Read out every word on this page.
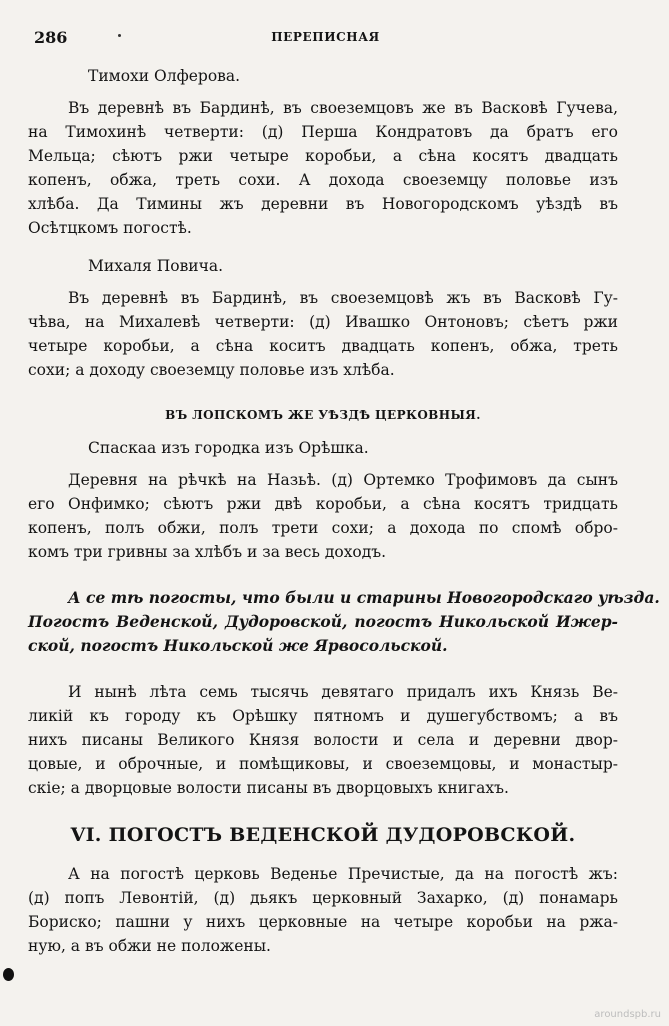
286	ПЕРЕПИСНАЯ
Тимохи Олферова.
Въ деревнѣ въ Бардинѣ, въ своеземцовъ же въ Васковѣ Гучева,
на Тимохинѣ четверти: (д) Перша Кондратовъ да братъ его
Мельца; сѣютъ ржи четыре коробьи, а сѣна косятъ двадцать
копенъ, обжа, треть сохи. А дохода своеземцу половье изъ
хлѣба. Да Тимины жъ деревни въ Новогородскомъ уѣздѣ въ
Осѣтцкомъ погостѣ.
Михаля Повича.
Въ деревнѣ въ Бардинѣ, въ своеземцовѣ жъ въ Васковѣ Гу-
чѣва, на Михалевѣ четверти: (д) Ивашко Онтоновъ; сѣетъ ржи
четыре коробьи, а сѣна коситъ двадцать копенъ, обжа, треть
сохи; а доходу своеземцу половье изъ хлѣба.
ВЪ ЛОПСКОМЪ ЖЕ УѢЗДѢ ЦЕРКОВНЫЯ.
Спаскаа изъ городка изъ Орѣшка.
Деревня на рѣчкѣ на Назьѣ. (д) Ортемко Трофимовъ да сынъ
его Онфимко; сѣютъ ржи двѣ коробьи, а сѣна косятъ тридцать
копенъ, полъ обжи, полъ трети сохи; а дохода по спомѣ обро-
комъ три гривны за хлѣбъ и за весь доходъ.
А се тѣ погосты, что были и старины Новогородскаго уѣзда.
Погостъ Веденской, Дудоровской, погостъ Никольской Ижер-
ской, погостъ Никольской же Ярвосольской.
И нынѣ лѣта семь тысячь девятаго придалъ ихъ Князь Ве-
ликій къ городу къ Орѣшку пятномъ и душегубствомъ; а въ
нихъ писаны Великого Князя волости и села и деревни двор-
цовые, и оброчные, и помѣщиковы, и своеземцовы, и монастыр-
скіе; а дворцовые волости писаны въ дворцовыхъ книгахъ.
VI. ПОГОСТЪ ВЕДЕНСКОЙ ДУДОРОВСКОЙ.
А на погостѣ церковь Веденье Пречистые, да на погостѣ жъ:
(д) попъ Левонтій, (д) дьякъ церковный Захарко, (д) понамарь
Бориско; пашни у нихъ церковные на четыре коробьи на ржа-
ную, а въ обжи не положены.
aroundspb.ru
